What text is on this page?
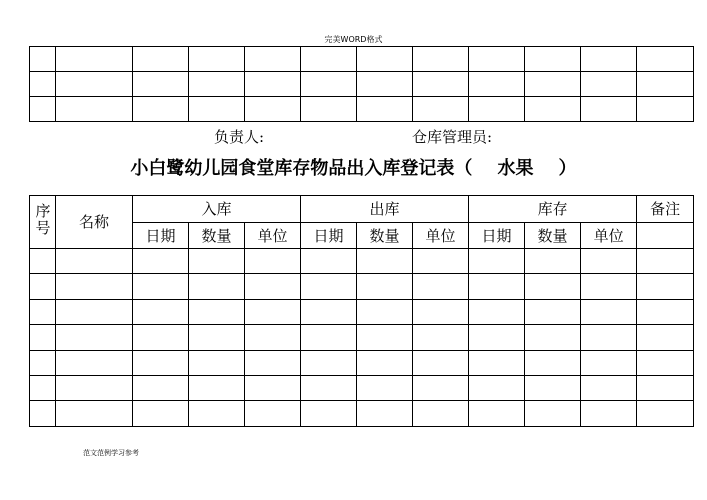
完美WORD格式

负责人:	仓库管理员:
小白鹭幼儿园食堂库存物品出入库登记表（    水果    ）
序号	名称	入库			出库			库存			备注
		日期	数量	单位	日期	数量	单位	日期	数量	单位	

范文范例学习参考
